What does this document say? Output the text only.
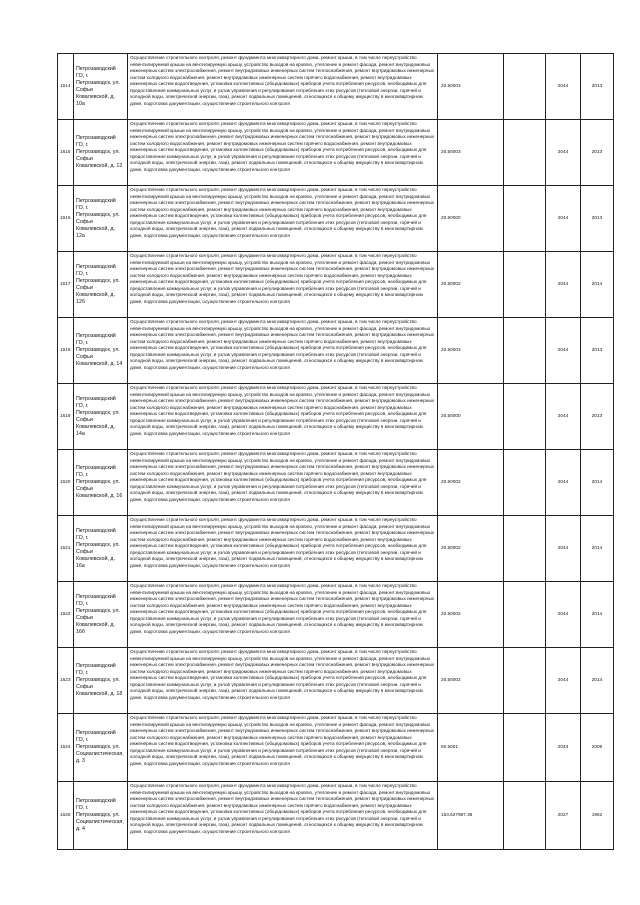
1614	Петрозаводский ГО, г. Петрозаводск, ул. Софьи Ковалевской, д. 10а	Осуществление строительного контроля, ремонт фундамента многоквартирного дома, ремонт крыши, в том числе переустройство невентилируемой крыши на вентилируемую крышу, устройство выходов на кровлю, утепление и ремонт фасада, ремонт внутридомовых инженерных систем электроснабжения, ремонт внутридомовых инженерных систем теплоснабжения, ремонт внутридомовых инженерных систем холодного водоснабжения, ремонт внутридомовых инженерных систем горячего водоснабжения, ремонт внутридомовых инженерных систем водоотведения, установка коллективных (общедомовых) приборов учета потребления ресурсов, необходимых для предоставления коммунальных услуг, и узлов управления и регулирования потребления этих ресурсов (тепловой энергии, горячей и холодной воды, электрической энергии, газа), ремонт подвальных помещений, относящихся к общему имуществу в многоквартирном доме, подготовка документации, осуществление строительного контроля	20.50003		2044	2013
1615	Петрозаводский ГО, г. Петрозаводск, ул. Софьи Ковалевской, д. 12	Осуществление строительного контроля, ремонт фундамента многоквартирного дома, ремонт крыши, в том числе переустройство невентилируемой крыши на вентилируемую крышу, устройство выходов на кровлю, утепление и ремонт фасада, ремонт внутридомовых инженерных систем электроснабжения, ремонт внутридомовых инженерных систем теплоснабжения, ремонт внутридомовых инженерных систем холодного водоснабжения, ремонт внутридомовых инженерных систем горячего водоснабжения, ремонт внутридомовых инженерных систем водоотведения, установка коллективных (общедомовых) приборов учета потребления ресурсов, необходимых для предоставления коммунальных услуг, и узлов управления и регулирования потребления этих ресурсов (тепловой энергии, горячей и холодной воды, электрической энергии, газа), ремонт подвальных помещений, относящихся к общему имуществу в многоквартирном доме, подготовка документации, осуществление строительного контроля	20.50003		2044	2013
1616	Петрозаводский ГО, г. Петрозаводск, ул. Софьи Ковалевской, д. 12а	Осуществление строительного контроля, ремонт фундамента многоквартирного дома, ремонт крыши, в том числе переустройство невентилируемой крыши на вентилируемую крышу, устройство выходов на кровлю, утепление и ремонт фасада, ремонт внутридомовых инженерных систем электроснабжения, ремонт внутридомовых инженерных систем теплоснабжения, ремонт внутридомовых инженерных систем холодного водоснабжения, ремонт внутридомовых инженерных систем горячего водоснабжения, ремонт внутридомовых инженерных систем водоотведения, установка коллективных (общедомовых) приборов учета потребления ресурсов, необходимых для предоставления коммунальных услуг, и узлов управления и регулирования потребления этих ресурсов (тепловой энергии, горячей и холодной воды, электрической энергии, газа), ремонт подвальных помещений, относящихся к общему имуществу в многоквартирном доме, подготовка документации, осуществление строительного контроля	20.50000		2044	2013
1617	Петрозаводский ГО, г. Петрозаводск, ул. Софьи Ковалевской, д. 12б	Осуществление строительного контроля, ремонт фундамента многоквартирного дома, ремонт крыши, в том числе переустройство невентилируемой крыши на вентилируемую крышу, устройство выходов на кровлю, утепление и ремонт фасада, ремонт внутридомовых инженерных систем электроснабжения, ремонт внутридомовых инженерных систем теплоснабжения, ремонт внутридомовых инженерных систем холодного водоснабжения, ремонт внутридомовых инженерных систем горячего водоснабжения, ремонт внутридомовых инженерных систем водоотведения, установка коллективных (общедомовых) приборов учета потребления ресурсов, необходимых для предоставления коммунальных услуг, и узлов управления и регулирования потребления этих ресурсов (тепловой энергии, горячей и холодной воды, электрической энергии, газа), ремонт подвальных помещений, относящихся к общему имуществу в многоквартирном доме, подготовка документации, осуществление строительного контроля	20.50002		2044	2014
1618	Петрозаводский ГО, г. Петрозаводск, ул. Софьи Ковалевской, д. 14	Осуществление строительного контроля, ремонт фундамента многоквартирного дома, ремонт крыши, в том числе переустройство невентилируемой крыши на вентилируемую крышу, устройство выходов на кровлю, утепление и ремонт фасада, ремонт внутридомовых инженерных систем электроснабжения, ремонт внутридомовых инженерных систем теплоснабжения, ремонт внутридомовых инженерных систем холодного водоснабжения, ремонт внутридомовых инженерных систем горячего водоснабжения, ремонт внутридомовых инженерных систем водоотведения, установка коллективных (общедомовых) приборов учета потребления ресурсов, необходимых для предоставления коммунальных услуг, и узлов управления и регулирования потребления этих ресурсов (тепловой энергии, горячей и холодной воды, электрической энергии, газа), ремонт подвальных помещений, относящихся к общему имуществу в многоквартирном доме, подготовка документации, осуществление строительного контроля	20.50003		2044	2013
1619	Петрозаводский ГО, г. Петрозаводск, ул. Софьи Ковалевской, д. 14а	Осуществление строительного контроля, ремонт фундамента многоквартирного дома, ремонт крыши, в том числе переустройство невентилируемой крыши на вентилируемую крышу, устройство выходов на кровлю, утепление и ремонт фасада, ремонт внутридомовых инженерных систем электроснабжения, ремонт внутридомовых инженерных систем теплоснабжения, ремонт внутридомовых инженерных систем холодного водоснабжения, ремонт внутридомовых инженерных систем горячего водоснабжения, ремонт внутридомовых инженерных систем водоотведения, установка коллективных (общедомовых) приборов учета потребления ресурсов, необходимых для предоставления коммунальных услуг, и узлов управления и регулирования потребления этих ресурсов (тепловой энергии, горячей и холодной воды, электрической энергии, газа), ремонт подвальных помещений, относящихся к общему имуществу в многоквартирном доме, подготовка документации, осуществление строительного контроля	20.50000		2044	2013
1620	Петрозаводский ГО, г. Петрозаводск, ул. Софьи Ковалевской, д. 16	Осуществление строительного контроля, ремонт фундамента многоквартирного дома, ремонт крыши, в том числе переустройство невентилируемой крыши на вентилируемую крышу, устройство выходов на кровлю, утепление и ремонт фасада, ремонт внутридомовых инженерных систем электроснабжения, ремонт внутридомовых инженерных систем теплоснабжения, ремонт внутридомовых инженерных систем холодного водоснабжения, ремонт внутридомовых инженерных систем горячего водоснабжения, ремонт внутридомовых инженерных систем водоотведения, установка коллективных (общедомовых) приборов учета потребления ресурсов, необходимых для предоставления коммунальных услуг, и узлов управления и регулирования потребления этих ресурсов (тепловой энергии, горячей и холодной воды, электрической энергии, газа), ремонт подвальных помещений, относящихся к общему имуществу в многоквартирном доме, подготовка документации, осуществление строительного контроля	20.50002		2044	2014
1621	Петрозаводский ГО, г. Петрозаводск, ул. Софьи Ковалевской, д. 16а	Осуществление строительного контроля, ремонт фундамента многоквартирного дома, ремонт крыши, в том числе переустройство невентилируемой крыши на вентилируемую крышу, устройство выходов на кровлю, утепление и ремонт фасада, ремонт внутридомовых инженерных систем электроснабжения, ремонт внутридомовых инженерных систем теплоснабжения, ремонт внутридомовых инженерных систем холодного водоснабжения, ремонт внутридомовых инженерных систем горячего водоснабжения, ремонт внутридомовых инженерных систем водоотведения, установка коллективных (общедомовых) приборов учета потребления ресурсов, необходимых для предоставления коммунальных услуг, и узлов управления и регулирования потребления этих ресурсов (тепловой энергии, горячей и холодной воды, электрической энергии, газа), ремонт подвальных помещений, относящихся к общему имуществу в многоквартирном доме, подготовка документации, осуществление строительного контроля	20.50002		2044	2014
1622	Петрозаводский ГО, г. Петрозаводск, ул. Софьи Ковалевской, д. 16б	Осуществление строительного контроля, ремонт фундамента многоквартирного дома, ремонт крыши, в том числе переустройство невентилируемой крыши на вентилируемую крышу, устройство выходов на кровлю, утепление и ремонт фасада, ремонт внутридомовых инженерных систем электроснабжения, ремонт внутридомовых инженерных систем теплоснабжения, ремонт внутридомовых инженерных систем холодного водоснабжения, ремонт внутридомовых инженерных систем горячего водоснабжения, ремонт внутридомовых инженерных систем водоотведения, установка коллективных (общедомовых) приборов учета потребления ресурсов, необходимых для предоставления коммунальных услуг, и узлов управления и регулирования потребления этих ресурсов (тепловой энергии, горячей и холодной воды, электрической энергии, газа), ремонт подвальных помещений, относящихся к общему имуществу в многоквартирном доме, подготовка документации, осуществление строительного контроля	20.50002		2044	2014
1623	Петрозаводский ГО, г. Петрозаводск, ул. Софьи Ковалевской, д. 18	Осуществление строительного контроля, ремонт фундамента многоквартирного дома, ремонт крыши, в том числе переустройство невентилируемой крыши на вентилируемую крышу, устройство выходов на кровлю, утепление и ремонт фасада, ремонт внутридомовых инженерных систем электроснабжения, ремонт внутридомовых инженерных систем теплоснабжения, ремонт внутридомовых инженерных систем холодного водоснабжения, ремонт внутридомовых инженерных систем горячего водоснабжения, ремонт внутридомовых инженерных систем водоотведения, установка коллективных (общедомовых) приборов учета потребления ресурсов, необходимых для предоставления коммунальных услуг, и узлов управления и регулирования потребления этих ресурсов (тепловой энергии, горячей и холодной воды, электрической энергии, газа), ремонт подвальных помещений, относящихся к общему имуществу в многоквартирном доме, подготовка документации, осуществление строительного контроля	20.50002		2044	2014
1624	Петрозаводский ГО, г. Петрозаводск, ул. Социалистическая, д. 3	Осуществление строительного контроля, ремонт фундамента многоквартирного дома, ремонт крыши, в том числе переустройство невентилируемой крыши на вентилируемую крышу, устройство выходов на кровлю, утепление и ремонт фасада, ремонт внутридомовых инженерных систем электроснабжения, ремонт внутридомовых инженерных систем теплоснабжения, ремонт внутридомовых инженерных систем холодного водоснабжения, ремонт внутридомовых инженерных систем горячего водоснабжения, ремонт внутридомовых инженерных систем водоотведения, установка коллективных (общедомовых) приборов учета потребления ресурсов, необходимых для предоставления коммунальных услуг, и узлов управления и регулирования потребления этих ресурсов (тепловой энергии, горячей и холодной воды, электрической энергии, газа), ремонт подвальных помещений, относящихся к общему имуществу в многоквартирном доме, подготовка документации, осуществление строительного контроля	50.5001		2043	2006
1625	Петрозаводский ГО, г. Петрозаводск, ул. Социалистическая, д. 4	Осуществление строительного контроля, ремонт фундамента многоквартирного дома, ремонт крыши, в том числе переустройство невентилируемой крыши на вентилируемую крышу, устройство выходов на кровлю, утепление и ремонт фасада, ремонт внутридомовых инженерных систем электроснабжения, ремонт внутридомовых инженерных систем теплоснабжения, ремонт внутридомовых инженерных систем холодного водоснабжения, ремонт внутридомовых инженерных систем горячего водоснабжения, ремонт внутридомовых инженерных систем водоотведения, установка коллективных (общедомовых) приборов учета потребления ресурсов, необходимых для предоставления коммунальных услуг, и узлов управления и регулирования потребления этих ресурсов (тепловой энергии, горячей и холодной воды, электрической энергии, газа), ремонт подвальных помещений, относящихся к общему имуществу в многоквартирном доме, подготовка документации, осуществление строительного контроля	153.627987.38		2027	1962
